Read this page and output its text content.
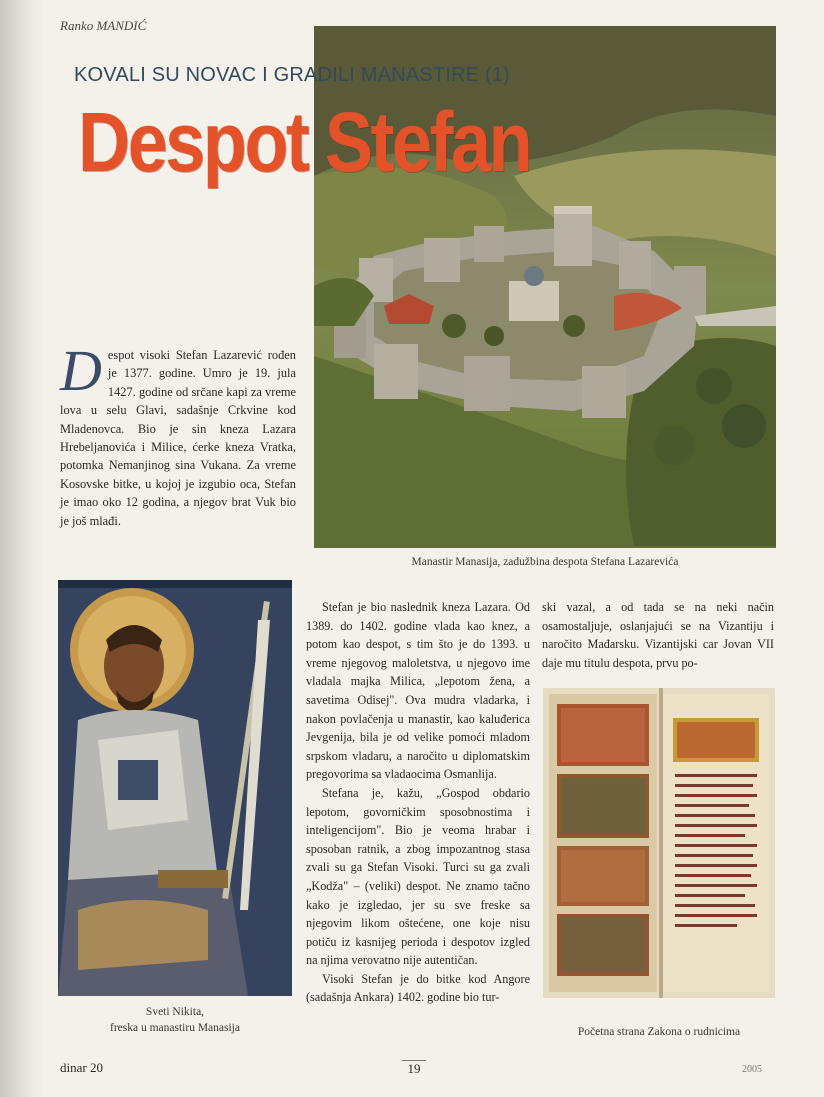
Ranko MANDIĆ
KOVALI SU NOVAC I GRADILI MANASTIRE (1)
Despot Stefan
Manastir Manasija, zadužbina despota Stefana Lazarevića
Despot visoki Stefan Lazarević rođen je 1377. godine. Umro je 19. jula 1427. godine od srčane kapi za vreme lova u selu Glavi, sadašnje Crkvine kod Mladenovca. Bio je sin kneza Lazara Hrebeljanovića i Milice, ćerke kneza Vratka, potomka Nemanjinog sina Vukana. Za vreme Kosovske bitke, u kojoj je izgubio oca, Stefan je imao oko 12 godina, a njegov brat Vuk bio je još mlađi.
Sveti Nikita,
freska u manastiru Manasija

Stefan je bio naslednik kneza Lazara. Od 1389. do 1402. godine vlada kao knez, a potom kao despot, s tim što je do 1393. u vreme njegovog maloletstva, u njegovo ime vladala majka Milica, „lepotom žena, a savetima Odisej". Ova mudra vladarka, i nakon povlačenja u manastir, kao kaluđerica Jevgenija, bila je od velike pomoći mladom srpskom vladaru, a naročito u diplomatskim pregovorima sa vladaocima Osmanlija.

Stefana je, kažu, „Gospod obdario lepotom, govorničkim sposobnostima i inteligencijom". Bio je veoma hrabar i sposoban ratnik, a zbog impozantnog stasa zvali su ga Stefan Visoki. Turci su ga zvali „Kodža" – (veliki) despot. Ne znamo tačno kako je izgledao, jer su sve freske sa njegovim likom oštećene, one koje nisu potiču iz kasnijeg perioda i despotov izgled na njima verovatno nije autentičan.

Visoki Stefan je do bitke kod Angore (sadašnja Ankara) 1402. godine bio tur-

ski vazal, a od tada se na neki način osamostaljuje, oslanjajući se na Vizantiju i naročito Mađarsku. Vizantijski car Jovan VII daje mu titulu despota, prvu po-

Početna strana Zakona o rudnicima
dinar 20	19	2005
